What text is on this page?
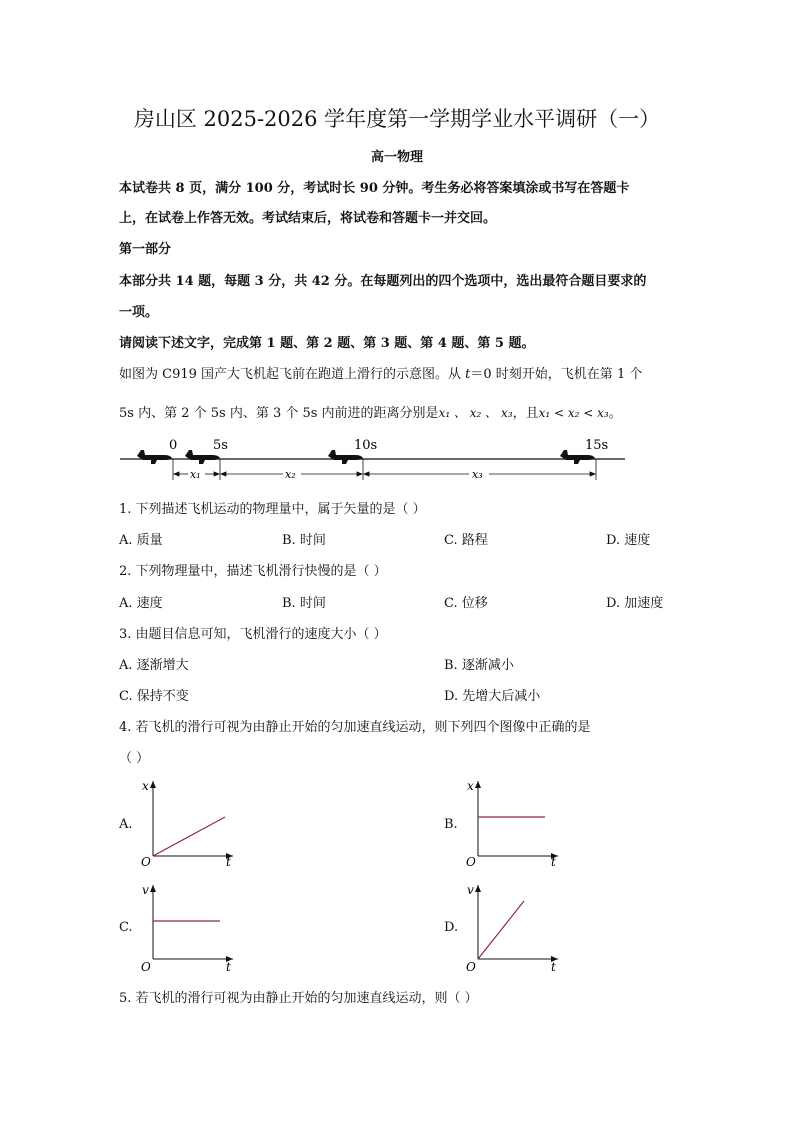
房山区 2025-2026 学年度第一学期学业水平调研（一）
高一物理
本试卷共 8 页，满分 100 分，考试时长 90 分钟。考生务必将答案填涂或书写在答题卡
上，在试卷上作答无效。考试结束后，将试卷和答题卡一并交回。
第一部分
本部分共 14 题，每题 3 分，共 42 分。在每题列出的四个选项中，选出最符合题目要求的
一项。
请阅读下述文字，完成第 1 题、第 2 题、第 3 题、第 4 题、第 5 题。
如图为 C919 国产大飞机起飞前在跑道上滑行的示意图。从 t＝0 时刻开始，飞机在第 1 个
5s 内、第 2 个 5s 内、第 3 个 5s 内前进的距离分别是x₁ 、 x₂ 、 x₃，且x₁ < x₂ < x₃。
0	5s	10s	15s
x₁	x₂	x₃
1. 下列描述飞机运动的物理量中，属于矢量的是（ ）
A. 质量	B. 时间	C. 路程	D. 速度
2. 下列物理量中，描述飞机滑行快慢的是（ ）
A. 速度	B. 时间	C. 位移	D. 加速度
3. 由题目信息可知，飞机滑行的速度大小（ ）
A. 逐渐增大	B. 逐渐减小
C. 保持不变	D. 先增大后减小
4. 若飞机的滑行可视为由静止开始的匀加速直线运动，则下列四个图像中正确的是
（ ）
A.	B.
C.	D.
x
t
O
x
t
O
v
t
O
v
t
O
5. 若飞机的滑行可视为由静止开始的匀加速直线运动，则（ ）
